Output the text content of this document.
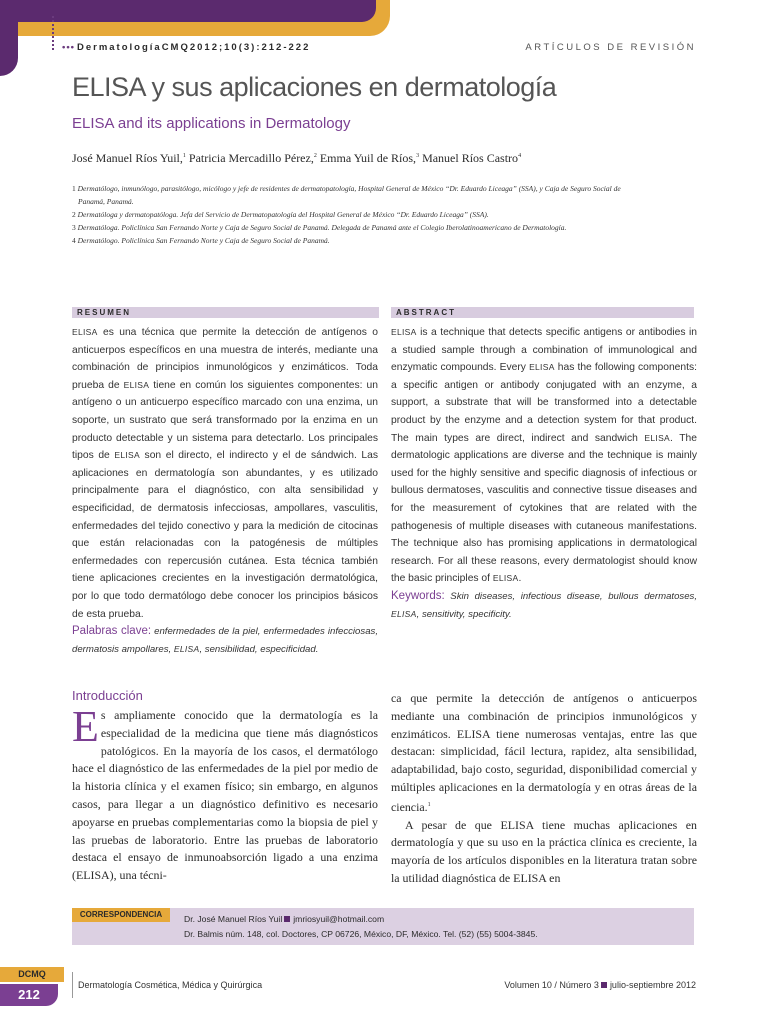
••• DermatologíaCMQ2012;10(3):212-222	ARTÍCULOS DE REVISIÓN
ELISA y sus aplicaciones en dermatología
ELISA and its applications in Dermatology
José Manuel Ríos Yuil,$^1$ Patricia Mercadillo Pérez,$^2$ Emma Yuil de Ríos,$^3$ Manuel Ríos Castro$^4$

1 Dermatólogo, inmunólogo, parasitólogo, micólogo y jefe de residentes de dermatopatología, Hospital General de México “Dr. Eduardo Liceaga” (SSA), y Caja de Seguro Social de

Panamá, Panamá.

2 Dermatóloga y dermatopatóloga. Jefa del Servicio de Dermatopatología del Hospital General de México “Dr. Eduardo Liceaga” (SSA).

3 Dermatóloga. Policlínica San Fernando Norte y Caja de Seguro Social de Panamá. Delegada de Panamá ante el Colegio Iberolatinoamericano de Dermatología.

4 Dermatólogo. Policlínica San Fernando Norte y Caja de Seguro Social de Panamá.

RESUMEN
ELISA es una técnica que permite la detección de antígenos o anticuerpos específicos en una muestra de interés, mediante una combinación de principios inmunológicos y enzimáticos. Toda prueba de ELISA tiene en común los siguientes componentes: un antígeno o un anticuerpo específico marcado con una enzima, un soporte, un sustrato que será transformado por la enzima en un producto detectable y un sistema para detectarlo. Los principales tipos de ELISA son el directo, el indirecto y el de sándwich. Las aplicaciones en dermatología son abundantes, y es utilizado principalmente para el diagnóstico, con alta sensibilidad y especificidad, de dermatosis infecciosas, ampollares, vasculitis, enfermedades del tejido conectivo y para la medición de citocinas que están relacionadas con la patogénesis de múltiples enfermedades con repercusión cutánea. Esta técnica también tiene aplicaciones crecientes en la investigación dermatológica, por lo que todo dermatólogo debe conocer los principios básicos de esta prueba.
Palabras clave: enfermedades de la piel, enfermedades infecciosas, dermatosis ampollares, ELISA, sensibilidad, especificidad.
ABSTRACT
ELISA is a technique that detects specific antigens or antibodies in a studied sample through a combination of immunological and enzymatic compounds. Every ELISA has the following components: a specific antigen or antibody conjugated with an enzyme, a support, a substrate that will be transformed into a detectable product by the enzyme and a detection system for that product. The main types are direct, indirect and sandwich ELISA. The dermatologic applications are diverse and the technique is mainly used for the highly sensitive and specific diagnosis of infectious or bullous dermatoses, vasculitis and connective tissue diseases and for the measurement of cytokines that are related with the pathogenesis of multiple diseases with cutaneous manifestations. The technique also has promising applications in dermatological research. For all these reasons, every dermatologist should know the basic principles of ELISA.
Keywords: Skin diseases, infectious disease, bullous dermatoses, ELISA, sensitivity, specificity.
Introducción

Es ampliamente conocido que la dermatología es la especialidad de la medicina que tiene más diagnósticos patológicos. En la mayoría de los casos, el dermatólogo hace el diagnóstico de las enfermedades de la piel por medio de la historia clínica y el examen físico; sin embargo, en algunos casos, para llegar a un diagnóstico definitivo es necesario apoyarse en pruebas complementarias como la biopsia de piel y las pruebas de laboratorio. Entre las pruebas de laboratorio destaca el ensayo de inmunoabsorción ligado a una enzima (ELISA), una técni-

ca que permite la detección de antígenos o anticuerpos mediante una combinación de principios inmunológicos y enzimáticos. ELISA tiene numerosas ventajas, entre las que destacan: simplicidad, fácil lectura, rapidez, alta sensibilidad, adaptabilidad, bajo costo, seguridad, disponibilidad comercial y múltiples aplicaciones en la dermatología y en otras áreas de la ciencia.$^1$

A pesar de que ELISA tiene muchas aplicaciones en dermatología y que su uso en la práctica clínica es creciente, la mayoría de los artículos disponibles en la literatura tratan sobre la utilidad diagnóstica de ELISA en

CORRESPONDENCIA	Dr. José Manuel Ríos Yuil jmriosyuil@hotmail.com
Dr. Balmis núm. 148, col. Doctores, CP 06726, México, DF, México. Tel. (52) (55) 5004-3845.
DCMQ
212
Dermatología Cosmética, Médica y Quirúrgica	Volumen 10 / Número 3 julio-septiembre 2012
